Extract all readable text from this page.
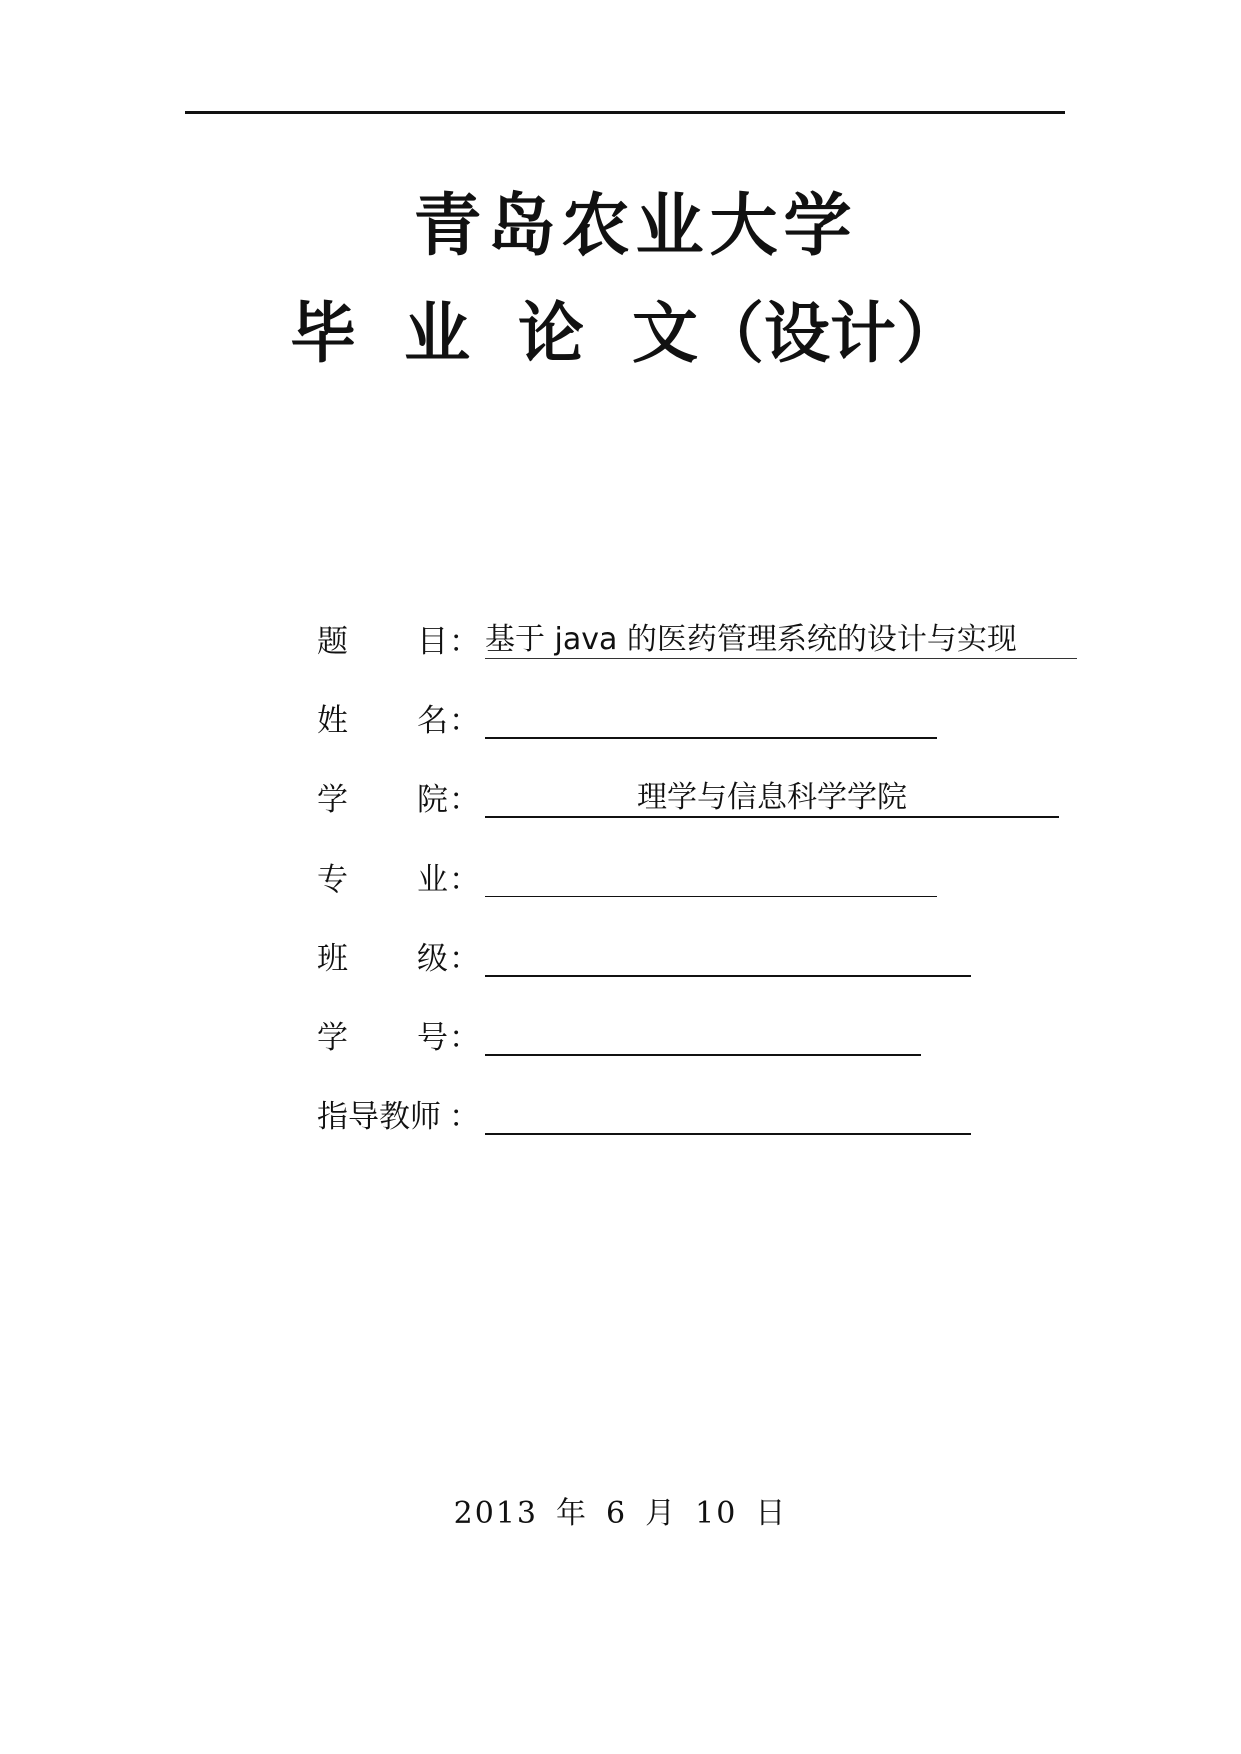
青岛农业大学
毕 业 论 文（设计）
题 目 ： 基于 java 的医药管理系统的设计与实现
姓 名 ：
学 院 ：	理学与信息科学学院
专 业 ：
班 级 ：
学 号 ：
指导教师 ：
2013 年 6 月 10 日
